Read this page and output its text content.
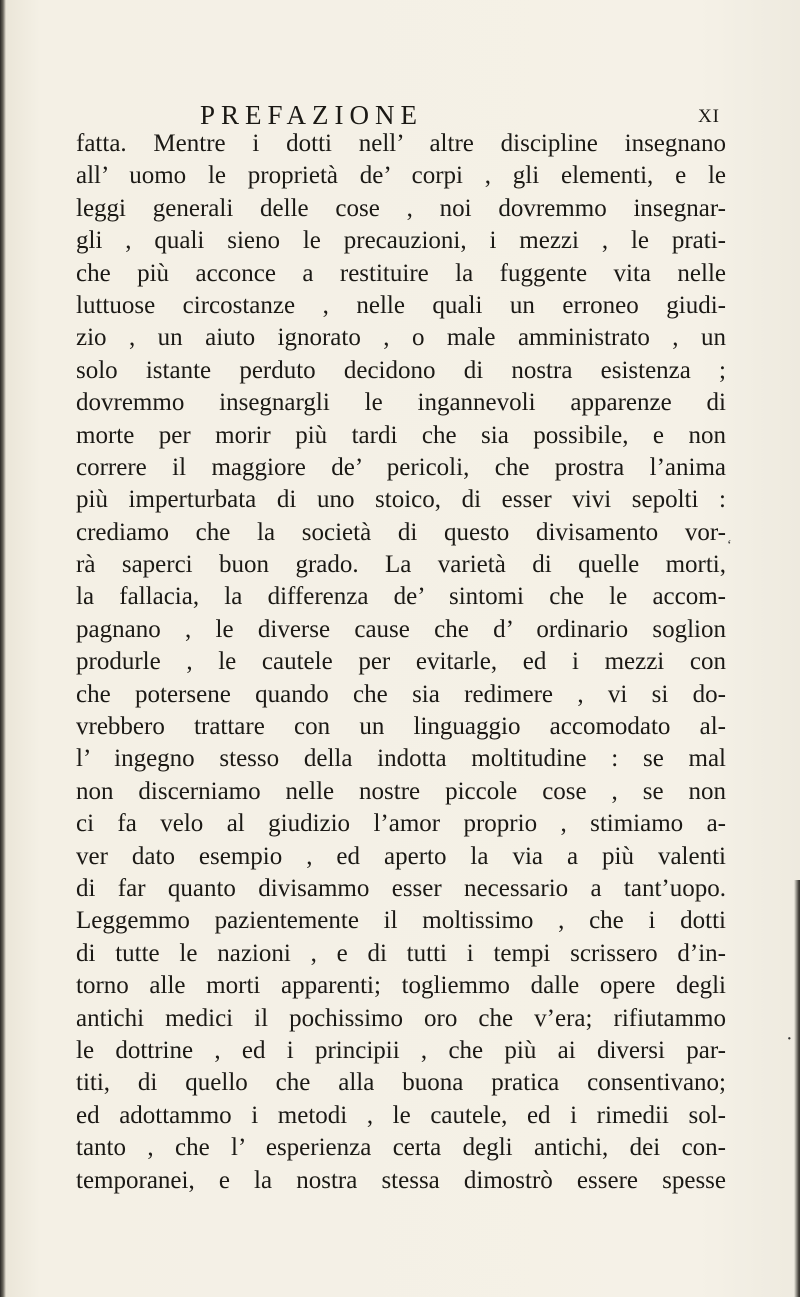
PREFAZIONE	XI
fatta. Mentre i dotti nell’ altre discipline insegnano
all’ uomo le proprietà de’ corpi , gli elementi, e le
leggi generali delle cose , noi dovremmo insegnar-
gli , quali sieno le precauzioni, i mezzi , le prati-
che più acconce a restituire la fuggente vita nelle
luttuose circostanze , nelle quali un erroneo giudi-
zio , un aiuto ignorato , o male amministrato , un
solo istante perduto decidono di nostra esistenza ;
dovremmo insegnargli le ingannevoli apparenze di
morte per morir più tardi che sia possibile, e non
correre il maggiore de’ pericoli, che prostra l’anima
più imperturbata di uno stoico, di esser vivi sepolti :
crediamo che la società di questo divisamento vor-
rà saperci buon grado. La varietà di quelle morti,
la fallacia, la differenza de’ sintomi che le accom-
pagnano , le diverse cause che d’ ordinario soglion
produrle , le cautele per evitarle, ed i mezzi con
che potersene quando che sia redimere , vi si do-
vrebbero trattare con un linguaggio accomodato al-
l’ ingegno stesso della indotta moltitudine : se mal
non discerniamo nelle nostre piccole cose , se non
ci fa velo al giudizio l’amor proprio , stimiamo a-
ver dato esempio , ed aperto la via a più valenti
di far quanto divisammo esser necessario a tant’uopo.
Leggemmo pazientemente il moltissimo , che i dotti
di tutte le nazioni , e di tutti i tempi scrissero d’in-
torno alle morti apparenti; togliemmo dalle opere degli
antichi medici il pochissimo oro che v’era; rifiutammo
le dottrine , ed i principii , che più ai diversi par-
titi, di quello che alla buona pratica consentivano;
ed adottammo i metodi , le cautele, ed i rimedii sol-
tanto , che l’ esperienza certa degli antichi, dei con-
temporanei, e la nostra stessa dimostrò essere spesse
‘
·
